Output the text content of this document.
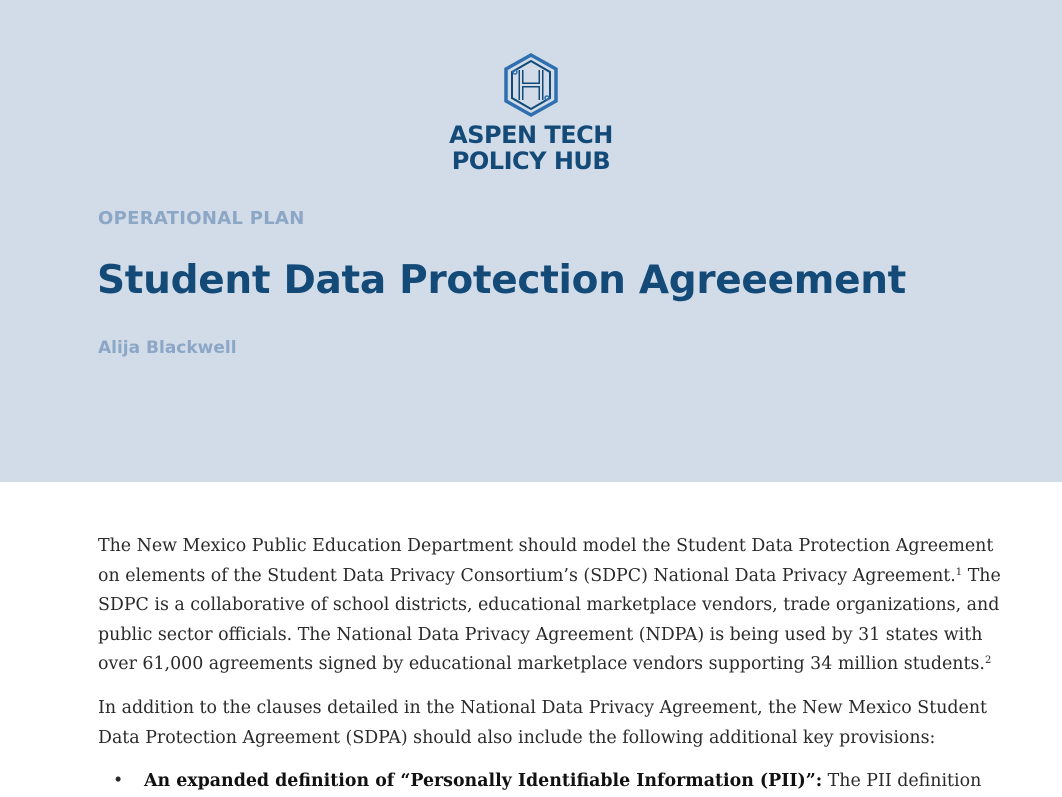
ASPEN TECH
POLICY HUB
OPERATIONAL PLAN
Student Data Protection Agreeement
Alija Blackwell
The New Mexico Public Education Department should model the Student Data Protection Agreement
on elements of the Student Data Privacy Consortium’s (SDPC) National Data Privacy Agreement.$^1$ The
SDPC is a collaborative of school districts, educational marketplace vendors, trade organizations, and
public sector officials. The National Data Privacy Agreement (NDPA) is being used by 31 states with
over 61,000 agreements signed by educational marketplace vendors supporting 34 million students.$^2$
In addition to the clauses detailed in the National Data Privacy Agreement, the New Mexico Student
Data Protection Agreement (SDPA) should also include the following additional key provisions:
• An expanded definition of “Personally Identifiable Information (PII)”: The PII definition
